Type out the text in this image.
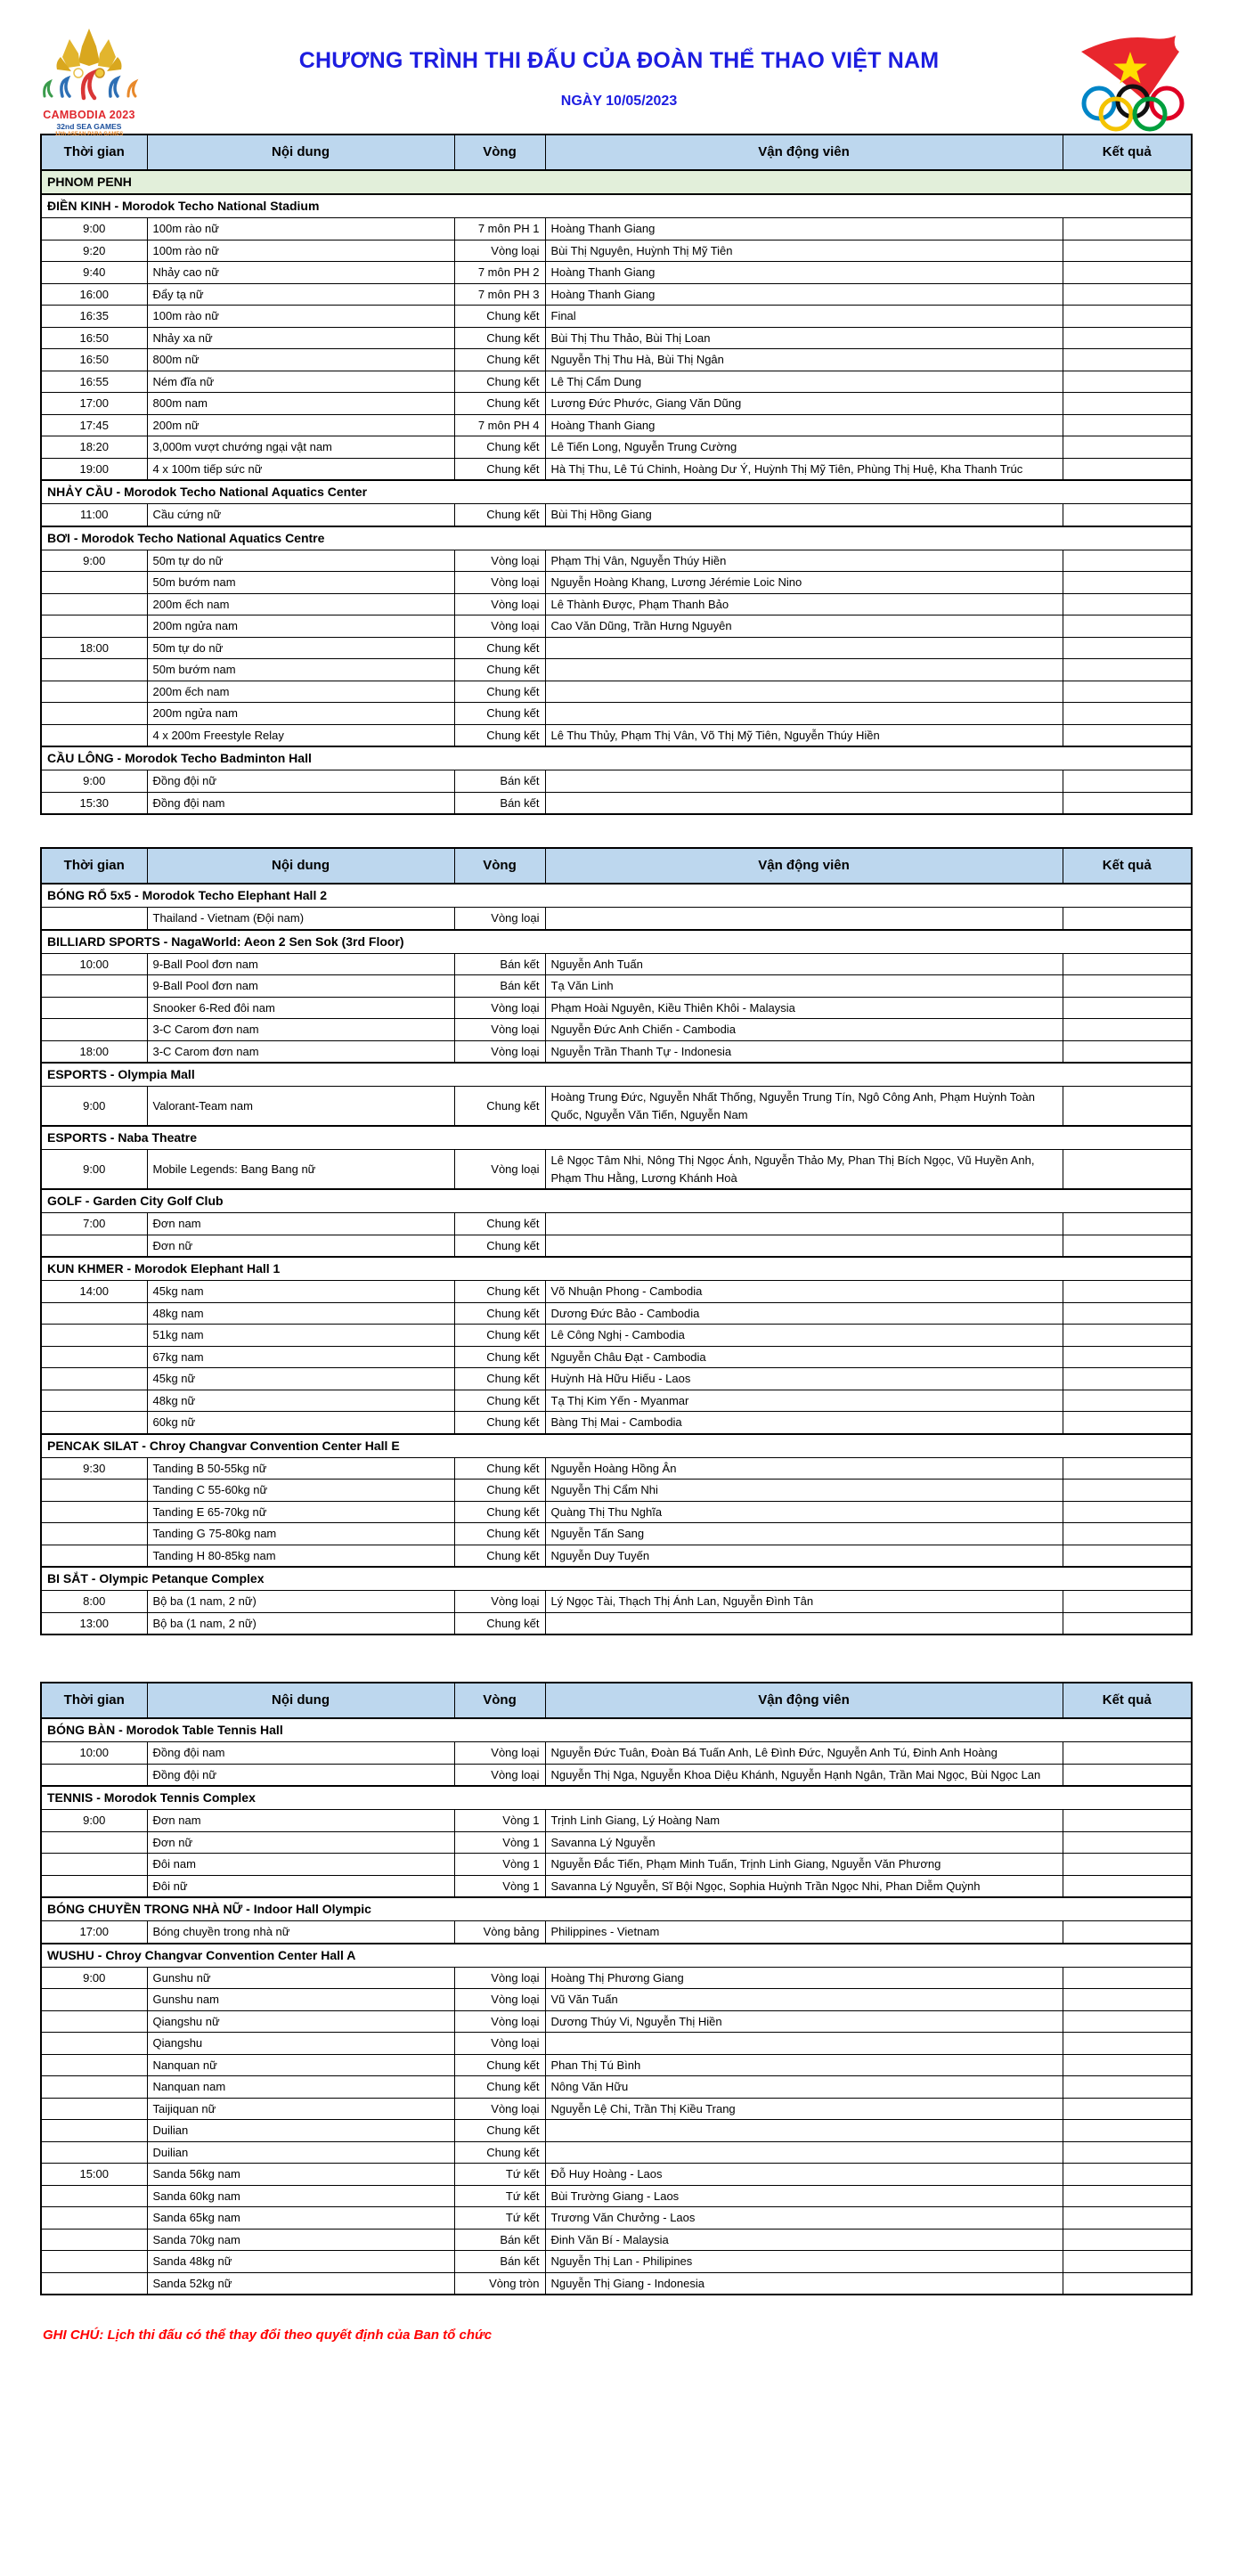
CAMBODIA 2023
32nd SEA GAMES
12th ASEAN PARA GAMES
CHƯƠNG TRÌNH THI ĐẤU CỦA ĐOÀN THỂ THAO VIỆT NAM
NGÀY 10/05/2023
Thời gian	Nội dung	Vòng	Vận động viên	Kết quả
PHNOM PENH				
ĐIỀN KINH - Morodok Techo National Stadium				
9:00	100m rào nữ	7 môn PH 1	Hoàng Thanh Giang	
9:20	100m rào nữ	Vòng loại	Bùi Thị Nguyên, Huỳnh Thị Mỹ Tiên	
9:40	Nhảy cao nữ	7 môn PH 2	Hoàng Thanh Giang	
16:00	Đẩy tạ nữ	7 môn PH 3	Hoàng Thanh Giang	
16:35	100m rào nữ	Chung kết	Final	
16:50	Nhảy xa nữ	Chung kết	Bùi Thị Thu Thảo, Bùi Thị Loan	
16:50	800m nữ	Chung kết	Nguyễn Thị Thu Hà, Bùi Thị Ngân	
16:55	Ném đĩa nữ	Chung kết	Lê Thị Cẩm Dung	
17:00	800m nam	Chung kết	Lương Đức Phước, Giang Văn Dũng	
17:45	200m nữ	7 môn PH 4	Hoàng Thanh Giang	
18:20	3,000m vượt chướng ngại vật nam	Chung kết	Lê Tiến Long, Nguyễn Trung Cường	
19:00	4 x 100m tiếp sức nữ	Chung kết	Hà Thị Thu, Lê Tú Chinh, Hoàng Dư Ý, Huỳnh Thị Mỹ Tiên, Phùng Thị Huệ, Kha Thanh Trúc	
NHẢY CẦU - Morodok Techo National Aquatics Center				
11:00	Cầu cứng nữ	Chung kết	Bùi Thị Hồng Giang	
BƠI - Morodok Techo National Aquatics Centre				
9:00	50m tự do nữ	Vòng loại	Phạm Thị Vân, Nguyễn Thúy Hiền	
	50m bướm nam	Vòng loại	Nguyễn Hoàng Khang, Lương Jérémie Loic Nino	
	200m ếch nam	Vòng loại	Lê Thành Được, Phạm Thanh Bảo	
	200m ngửa nam	Vòng loại	Cao Văn Dũng, Trần Hưng Nguyên	
18:00	50m tự do nữ	Chung kết		
	50m bướm nam	Chung kết		
	200m ếch nam	Chung kết		
	200m ngửa nam	Chung kết		
	4 x 200m Freestyle Relay	Chung kết	Lê Thu Thủy, Phạm Thị Vân, Võ Thị Mỹ Tiên, Nguyễn Thúy Hiền	
CẦU LÔNG - Morodok Techo Badminton Hall				
9:00	Đồng đội nữ	Bán kết		
15:30	Đồng đội nam	Bán kết		
Thời gian	Nội dung	Vòng	Vận động viên	Kết quả
BÓNG RỔ 5x5 - Morodok Techo Elephant Hall 2				
	Thailand - Vietnam (Đội nam)	Vòng loại		
BILLIARD SPORTS - NagaWorld: Aeon 2 Sen Sok (3rd Floor)				
10:00	9-Ball Pool đơn nam	Bán kết	Nguyễn Anh Tuấn	
	9-Ball Pool đơn nam	Bán kết	Tạ Văn Linh	
	Snooker 6-Red đôi nam	Vòng loại	Phạm Hoài Nguyên, Kiều Thiên Khôi - Malaysia	
	3-C Carom đơn nam	Vòng loại	Nguyễn Đức Anh Chiến - Cambodia	
18:00	3-C Carom đơn nam	Vòng loại	Nguyễn Trần Thanh Tự - Indonesia	
ESPORTS - Olympia Mall				
9:00	Valorant-Team nam	Chung kết	Hoàng Trung Đức, Nguyễn Nhất Thống, Nguyễn Trung Tín, Ngô Công Anh, Phạm Huỳnh Toàn Quốc, Nguyễn Văn Tiến, Nguyễn Nam	
ESPORTS - Naba Theatre				
9:00	Mobile Legends: Bang Bang nữ	Vòng loại	Lê Ngọc Tâm Nhi, Nông Thị Ngọc Ánh, Nguyễn Thảo My, Phan Thị Bích Ngọc, Vũ Huyền Anh, Phạm Thu Hằng, Lương Khánh Hoà	
GOLF - Garden City Golf Club				
7:00	Đơn nam	Chung kết		
	Đơn nữ	Chung kết		
KUN KHMER - Morodok Elephant Hall 1				
14:00	45kg nam	Chung kết	Võ Nhuận Phong - Cambodia	
	48kg nam	Chung kết	Dương Đức Bảo - Cambodia	
	51kg nam	Chung kết	Lê Công Nghị - Cambodia	
	67kg nam	Chung kết	Nguyễn Châu Đạt - Cambodia	
	45kg nữ	Chung kết	Huỳnh Hà Hữu Hiếu - Laos	
	48kg nữ	Chung kết	Tạ Thị Kim Yến - Myanmar	
	60kg nữ	Chung kết	Bàng Thị Mai - Cambodia	
PENCAK SILAT - Chroy Changvar Convention Center Hall E				
9:30	Tanding B 50-55kg nữ	Chung kết	Nguyễn Hoàng Hồng Ân	
	Tanding C 55-60kg nữ	Chung kết	Nguyễn Thị Cẩm Nhi	
	Tanding E 65-70kg nữ	Chung kết	Quàng Thị Thu Nghĩa	
	Tanding G 75-80kg nam	Chung kết	Nguyễn Tấn Sang	
	Tanding H 80-85kg nam	Chung kết	Nguyễn Duy Tuyến	
BI SẮT - Olympic Petanque Complex				
8:00	Bộ ba (1 nam, 2 nữ)	Vòng loại	Lý Ngọc Tài, Thạch Thị Ánh Lan, Nguyễn Đình Tân	
13:00	Bộ ba (1 nam, 2 nữ)	Chung kết		
Thời gian	Nội dung	Vòng	Vận động viên	Kết quả
BÓNG BÀN - Morodok Table Tennis Hall				
10:00	Đồng đội nam	Vòng loại	Nguyễn Đức Tuân, Đoàn Bá Tuấn Anh, Lê Đình Đức, Nguyễn Anh Tú, Đinh Anh Hoàng	
	Đồng đội nữ	Vòng loại	Nguyễn Thị Nga, Nguyễn Khoa Diệu Khánh, Nguyễn Hạnh Ngân, Trần Mai Ngọc, Bùi Ngọc Lan	
TENNIS - Morodok Tennis Complex				
9:00	Đơn nam	Vòng 1	Trịnh Linh Giang, Lý Hoàng Nam	
	Đơn nữ	Vòng 1	Savanna Lý Nguyễn	
	Đôi nam	Vòng 1	Nguyễn Đắc Tiến, Phạm Minh Tuấn, Trịnh Linh Giang, Nguyễn Văn Phương	
	Đôi nữ	Vòng 1	Savanna Lý Nguyễn, Sĩ Bội Ngọc, Sophia Huỳnh Trần Ngọc Nhi, Phan Diễm Quỳnh	
BÓNG CHUYỀN TRONG NHÀ NỮ - Indoor Hall Olympic				
17:00	Bóng chuyền trong nhà nữ	Vòng bảng	Philippines - Vietnam	
WUSHU - Chroy Changvar Convention Center Hall A				
9:00	Gunshu nữ	Vòng loại	Hoàng Thị Phương Giang	
	Gunshu nam	Vòng loại	Vũ Văn Tuấn	
	Qiangshu nữ	Vòng loại	Dương Thúy Vi, Nguyễn Thị Hiền	
	Qiangshu	Vòng loại		
	Nanquan nữ	Chung kết	Phan Thị Tú Bình	
	Nanquan nam	Chung kết	Nông Văn Hữu	
	Taijiquan nữ	Vòng loại	Nguyễn Lệ Chi, Trần Thị Kiều Trang	
	Duilian	Chung kết		
	Duilian	Chung kết		
15:00	Sanda 56kg nam	Tứ kết	Đỗ Huy Hoàng - Laos	
	Sanda 60kg nam	Tứ kết	Bùi Trường Giang - Laos	
	Sanda 65kg nam	Tứ kết	Trương Văn Chưởng - Laos	
	Sanda 70kg nam	Bán kết	Đinh Văn Bí - Malaysia	
	Sanda 48kg nữ	Bán kết	Nguyễn Thị Lan - Philipines	
	Sanda 52kg nữ	Vòng tròn	Nguyễn Thị Giang - Indonesia	
GHI CHÚ: Lịch thi đấu có thể thay đổi theo quyết định của Ban tổ chức
